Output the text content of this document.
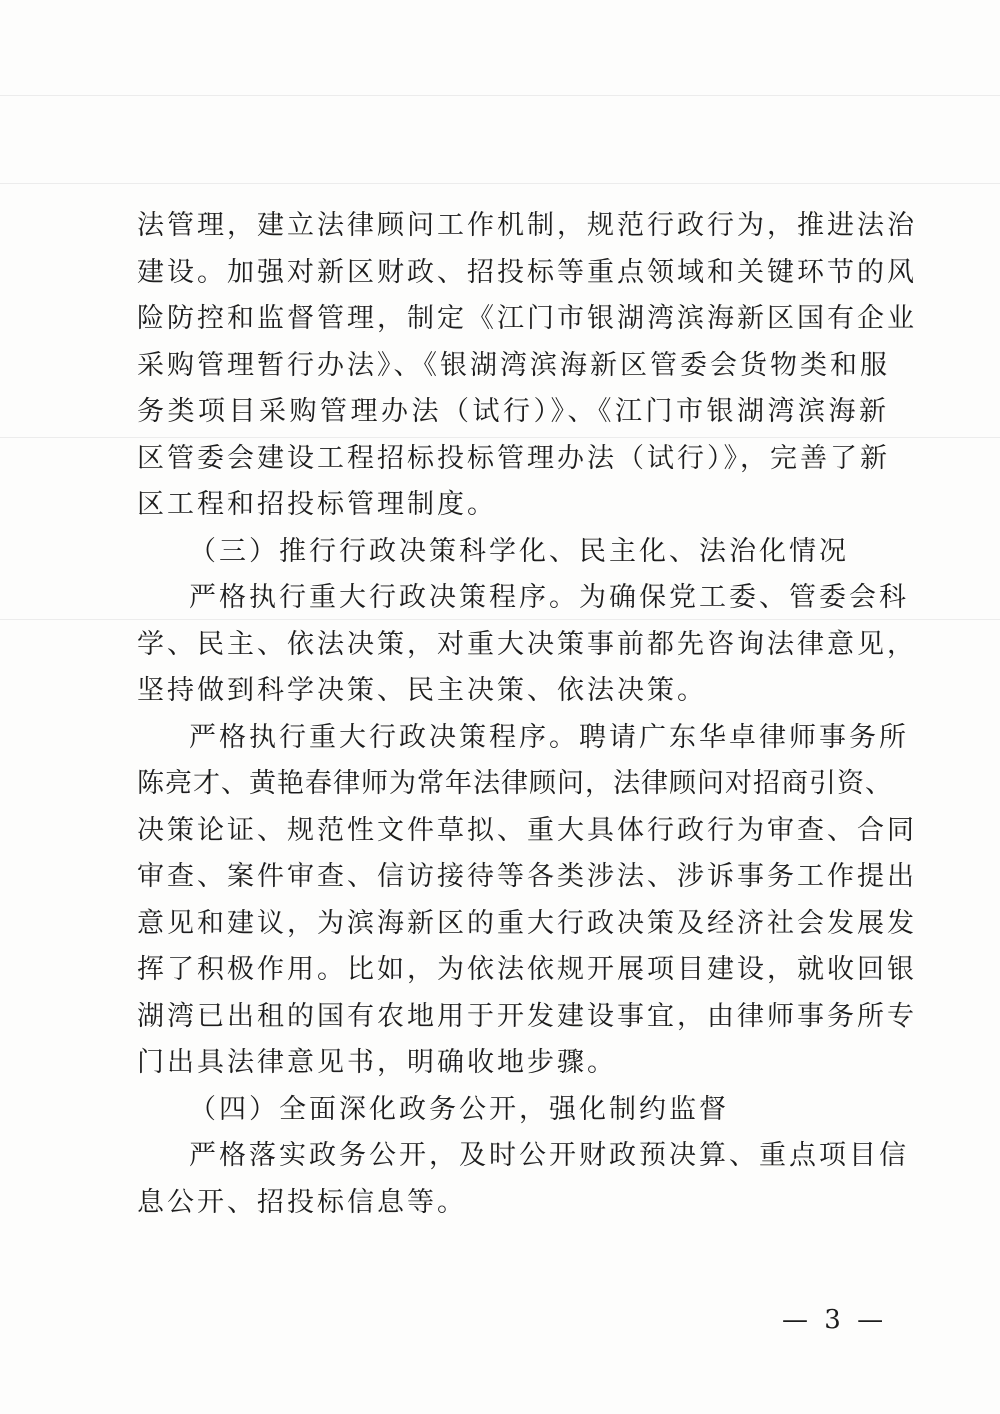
法管理，建立法律顾问工作机制，规范行政行为，推进法治
建设。加强对新区财政、招投标等重点领域和关键环节的风
险防控和监督管理，制定《江门市银湖湾滨海新区国有企业
采购管理暂行办法》、《银湖湾滨海新区管委会货物类和服
务类项目采购管理办法（试行）》、《江门市银湖湾滨海新
区管委会建设工程招标投标管理办法（试行）》，完善了新
区工程和招投标管理制度。
（三）推行行政决策科学化、民主化、法治化情况
严格执行重大行政决策程序。为确保党工委、管委会科
学、民主、依法决策，对重大决策事前都先咨询法律意见，
坚持做到科学决策、民主决策、依法决策。
严格执行重大行政决策程序。聘请广东华卓律师事务所
陈亮才、黄艳春律师为常年法律顾问，法律顾问对招商引资、
决策论证、规范性文件草拟、重大具体行政行为审查、合同
审查、案件审查、信访接待等各类涉法、涉诉事务工作提出
意见和建议，为滨海新区的重大行政决策及经济社会发展发
挥了积极作用。比如，为依法依规开展项目建设，就收回银
湖湾已出租的国有农地用于开发建设事宜，由律师事务所专
门出具法律意见书，明确收地步骤。
（四）全面深化政务公开，强化制约监督
严格落实政务公开，及时公开财政预决算、重点项目信
息公开、招投标信息等。
— 3 —
